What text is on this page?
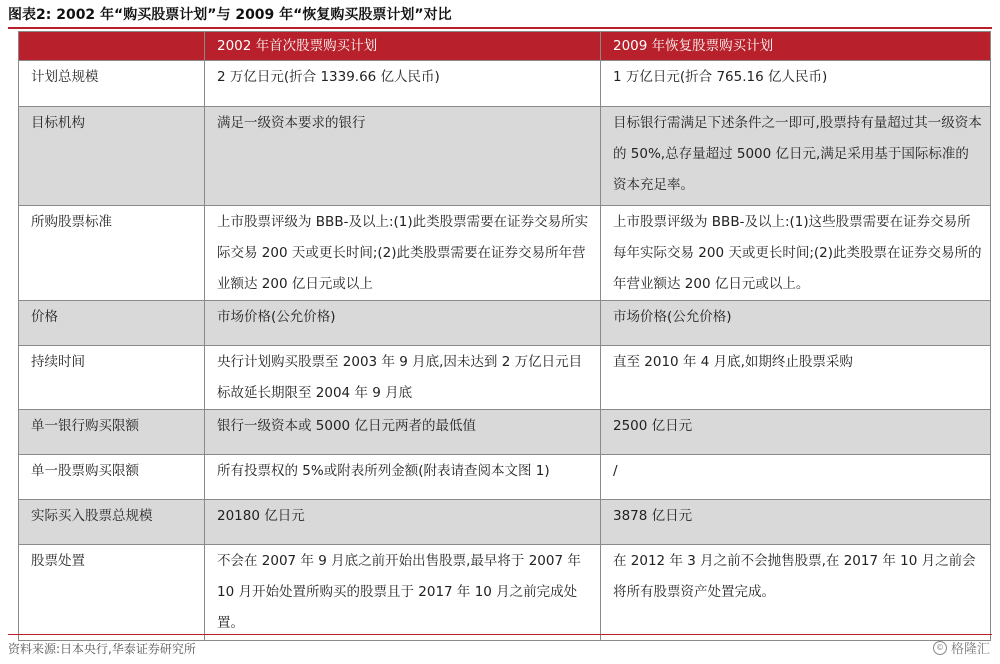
图表2: 2002 年“购买股票计划”与 2009 年“恢复购买股票计划”对比
	2002 年首次股票购买计划	2009 年恢复股票购买计划
计划总规模	2 万亿日元(折合 1339.66 亿人民币)	1 万亿日元(折合 765.16 亿人民币)
目标机构	满足一级资本要求的银行	目标银行需满足下述条件之一即可,股票持有量超过其一级资本的 50%,总存量超过 5000 亿日元,满足采用基于国际标准的资本充足率。
所购股票标准	上市股票评级为 BBB-及以上:(1)此类股票需要在证券交易所实际交易 200 天或更长时间;(2)此类股票需要在证券交易所年营业额达 200 亿日元或以上	上市股票评级为 BBB-及以上:(1)这些股票需要在证券交易所每年实际交易 200 天或更长时间;(2)此类股票在证券交易所的年营业额达 200 亿日元或以上。
价格	市场价格(公允价格)	市场价格(公允价格)
持续时间	央行计划购买股票至 2003 年 9 月底,因未达到 2 万亿日元目标故延长期限至 2004 年 9 月底	直至 2010 年 4 月底,如期终止股票采购
单一银行购买限额	银行一级资本或 5000 亿日元两者的最低值	2500 亿日元
单一股票购买限额	所有投票权的 5%或附表所列金额(附表请查阅本文图 1)	/
实际买入股票总规模	20180 亿日元	3878 亿日元
股票处置	不会在 2007 年 9 月底之前开始出售股票,最早将于 2007 年 10 月开始处置所购买的股票且于 2017 年 10 月之前完成处置。	在 2012 年 3 月之前不会抛售股票,在 2017 年 10 月之前会将所有股票资产处置完成。
资料来源:日本央行,华泰证券研究所	© 格隆汇
